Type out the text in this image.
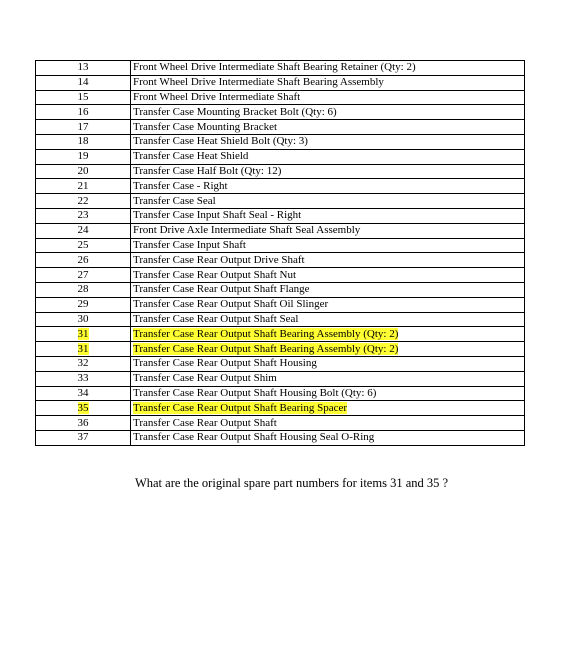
13	Front Wheel Drive Intermediate Shaft Bearing Retainer (Qty: 2)
14	Front Wheel Drive Intermediate Shaft Bearing Assembly
15	Front Wheel Drive Intermediate Shaft
16	Transfer Case Mounting Bracket Bolt (Qty: 6)
17	Transfer Case Mounting Bracket
18	Transfer Case Heat Shield Bolt (Qty: 3)
19	Transfer Case Heat Shield
20	Transfer Case Half Bolt (Qty: 12)
21	Transfer Case - Right
22	Transfer Case Seal
23	Transfer Case Input Shaft Seal - Right
24	Front Drive Axle Intermediate Shaft Seal Assembly
25	Transfer Case Input Shaft
26	Transfer Case Rear Output Drive Shaft
27	Transfer Case Rear Output Shaft Nut
28	Transfer Case Rear Output Shaft Flange
29	Transfer Case Rear Output Shaft Oil Slinger
30	Transfer Case Rear Output Shaft Seal
31	Transfer Case Rear Output Shaft Bearing Assembly (Qty: 2)
31	Transfer Case Rear Output Shaft Bearing Assembly (Qty: 2)
32	Transfer Case Rear Output Shaft Housing
33	Transfer Case Rear Output Shim
34	Transfer Case Rear Output Shaft Housing Bolt (Qty: 6)
35	Transfer Case Rear Output Shaft Bearing Spacer
36	Transfer Case Rear Output Shaft
37	Transfer Case Rear Output Shaft Housing Seal O-Ring
What are the original spare part numbers for items 31 and 35 ?
